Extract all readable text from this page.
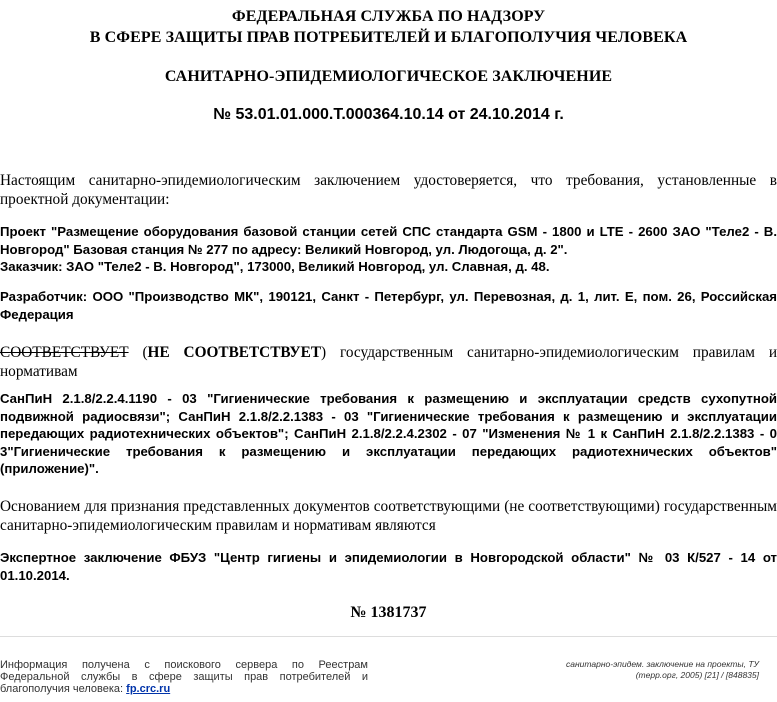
ФЕДЕРАЛЬНАЯ СЛУЖБА ПО НАДЗОРУ
В СФЕРЕ ЗАЩИТЫ ПРАВ ПОТРЕБИТЕЛЕЙ И БЛАГОПОЛУЧИЯ ЧЕЛОВЕКА
САНИТАРНО-ЭПИДЕМИОЛОГИЧЕСКОЕ ЗАКЛЮЧЕНИЕ
№ 53.01.01.000.Т.000364.10.14 от 24.10.2014 г.
Настоящим санитарно-эпидемиологическим заключением удостоверяется, что требования, установленные в проектной документации:
Проект "Размещение оборудования базовой станции сетей СПС стандарта GSM - 1800 и LTE - 2600 ЗАО "Теле2 - В. Новгород" Базовая станция № 277 по адресу: Великий Новгород, ул. Людогоща, д. 2".
Заказчик: ЗАО "Теле2 - В. Новгород", 173000, Великий Новгород, ул. Славная, д. 48.
Разработчик: ООО "Производство МК", 190121, Санкт - Петербург, ул. Перевозная, д. 1, лит. Е, пом. 26, Российская Федерация
СООТВЕТСТВУЕТ (НЕ СООТВЕТСТВУЕТ) государственным санитарно-эпидемиологическим правилам и нормативам
СанПиН 2.1.8/2.2.4.1190 - 03 "Гигиенические требования к размещению и эксплуатации средств сухопутной подвижной радиосвязи"; СанПиН 2.1.8/2.2.1383 - 03 "Гигиенические требования к размещению и эксплуатации передающих радиотехнических объектов"; СанПиН 2.1.8/2.2.4.2302 - 07 "Изменения № 1 к СанПиН 2.1.8/2.2.1383 - 0 3"Гигиенические требования к размещению и эксплуатации передающих радиотехнических объектов" (приложение)".
Основанием для признания представленных документов соответствующими (не соответствующими) государственным санитарно-эпидемиологическим правилам и нормативам являются
Экспертное заключение ФБУЗ "Центр гигиены и эпидемиологии в Новгородской области" № 03 К/527 - 14 от 01.10.2014.
№ 1381737
Информация получена с поискового сервера по Реестрам Федеральной службы в сфере защиты прав потребителей и благополучия человека: fp.crc.ru
санитарно-эпидем. заключение на проекты, ТУ
(терр.орг, 2005) [21] / [848835]
